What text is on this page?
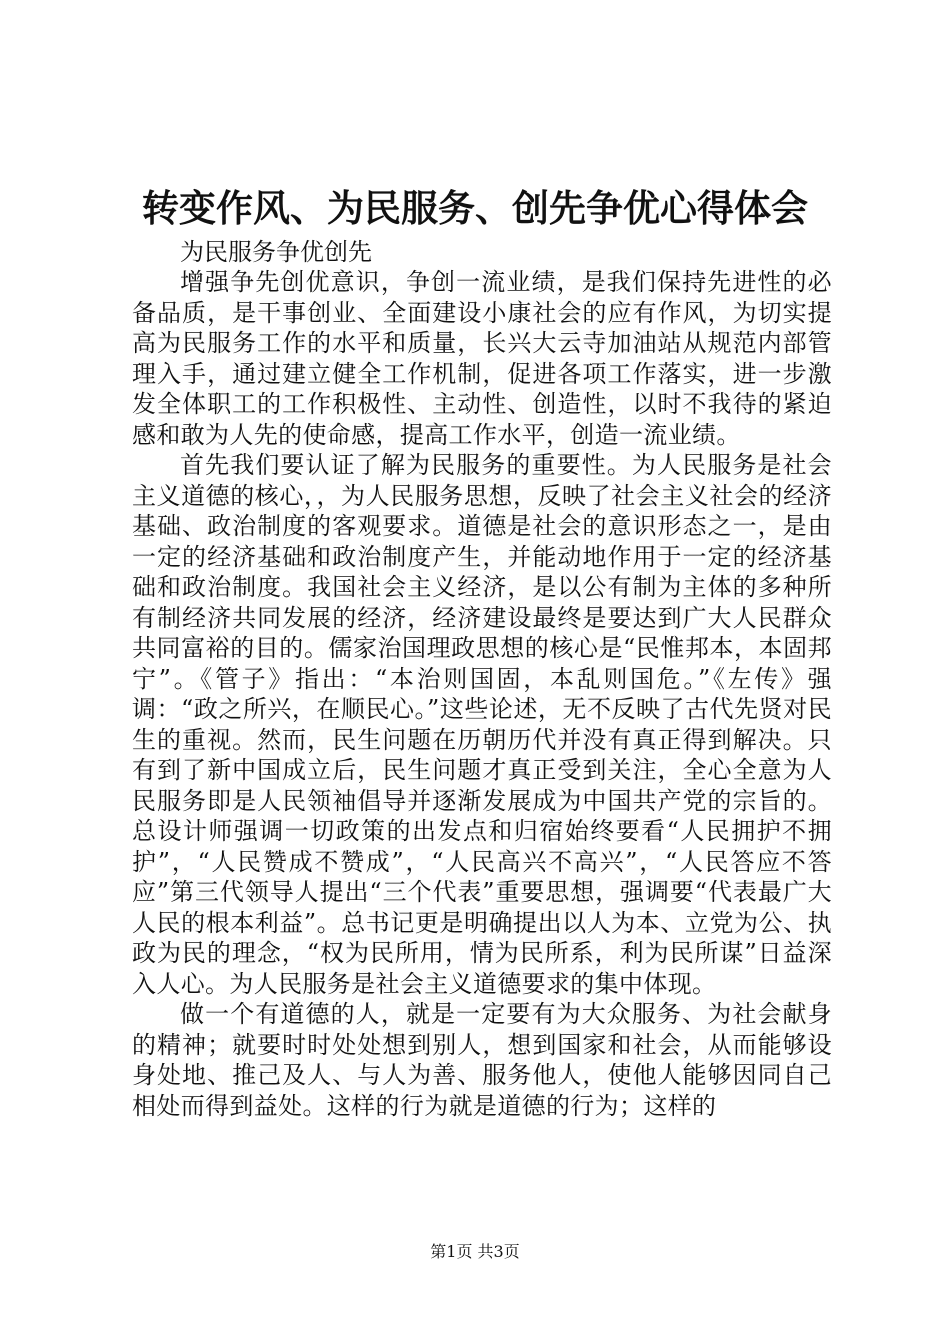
转变作风、为民服务、创先争优心得体会

为民服务争优创先

增强争先创优意识，争创一流业绩，是我们保持先进性的必备品质，是干事创业、全面建设小康社会的应有作风，为切实提高为民服务工作的水平和质量，长兴大云寺加油站从规范内部管理入手，通过建立健全工作机制，促进各项工作落实，进一步激发全体职工的工作积极性、主动性、创造性，以时不我待的紧迫感和敢为人先的使命感，提高工作水平，创造一流业绩。

首先我们要认证了解为民服务的重要性。为人民服务是社会主义道德的核心，，为人民服务思想，反映了社会主义社会的经济基础、政治制度的客观要求。道德是社会的意识形态之一，是由一定的经济基础和政治制度产生，并能动地作用于一定的经济基础和政治制度。我国社会主义经济，是以公有制为主体的多种所有制经济共同发展的经济，经济建设最终是要达到广大人民群众共同富裕的目的。儒家治国理政思想的核心是“民惟邦本，本固邦宁”。《管子》指出：“本治则国固，本乱则国危。”《左传》强调：“政之所兴，在顺民心。”这些论述，无不反映了古代先贤对民生的重视。然而，民生问题在历朝历代并没有真正得到解决。只有到了新中国成立后，民生问题才真正受到关注，全心全意为人民服务即是人民领袖倡导并逐渐发展成为中国共产党的宗旨的。总设计师强调一切政策的出发点和归宿始终要看“人民拥护不拥护”，“人民赞成不赞成”，“人民高兴不高兴”，“人民答应不答应”第三代领导人提出“三个代表”重要思想，强调要“代表最广大人民的根本利益”。总书记更是明确提出以人为本、立党为公、执政为民的理念，“权为民所用，情为民所系，利为民所谋”日益深入人心。为人民服务是社会主义道德要求的集中体现。

做一个有道德的人，就是一定要有为大众服务、为社会献身的精神；就要时时处处想到别人，想到国家和社会，从而能够设身处地、推己及人、与人为善、服务他人，使他人能够因同自己相处而得到益处。这样的行为就是道德的行为；这样的

第1页 共3页
